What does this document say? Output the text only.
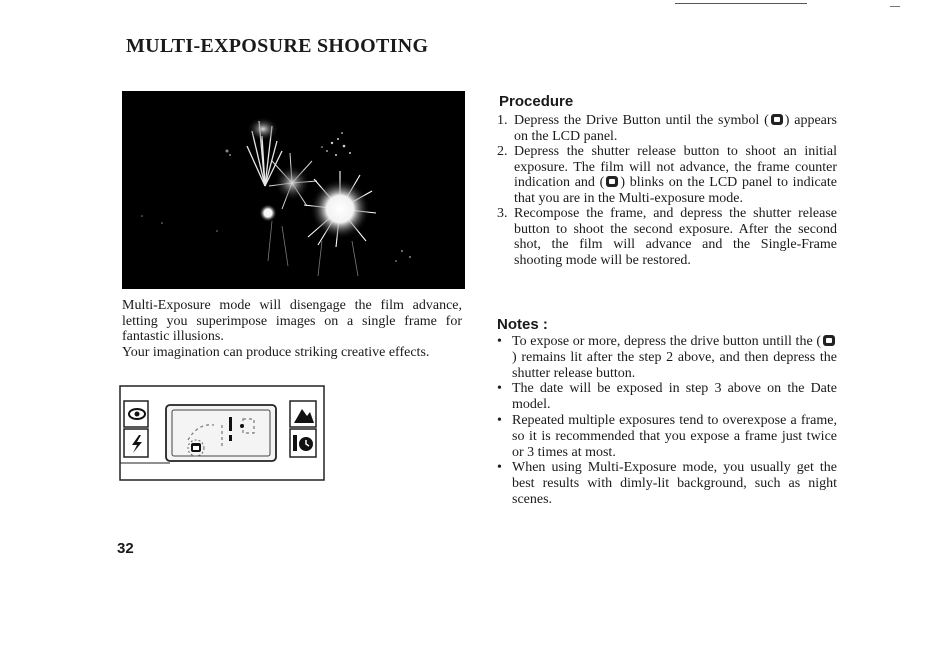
MULTI-EXPOSURE SHOOTING

Multi-Exposure mode will disengage the film advance, letting you superimpose images on a single frame for fantastic illusions.

Your imagination can produce striking creative effects.

Procedure
1. Depress the Drive Button until the symbol ( ) appears on the LCD panel.
2. Depress the shutter release button to shoot an initial exposure. The film will not advance, the frame counter indication and ( ) blinks on the LCD panel to indicate that you are in the Multi-exposure mode.
3. Recompose the frame, and depress the shutter release button to shoot the second exposure. After the second shot, the film will advance and the Single-Frame shooting mode will be restored.
Notes :
• To expose or more, depress the drive button untill the () remains lit after the step 2 above, and then depress the shutter release button.
• The date will be exposed in step 3 above on the Date model.
• Repeated multiple exposures tend to overexpose a frame, so it is recommended that you expose a frame just twice or 3 times at most.
• When using Multi-Exposure mode, you usually get the best results with dimly-lit background, such as night scenes.
32
